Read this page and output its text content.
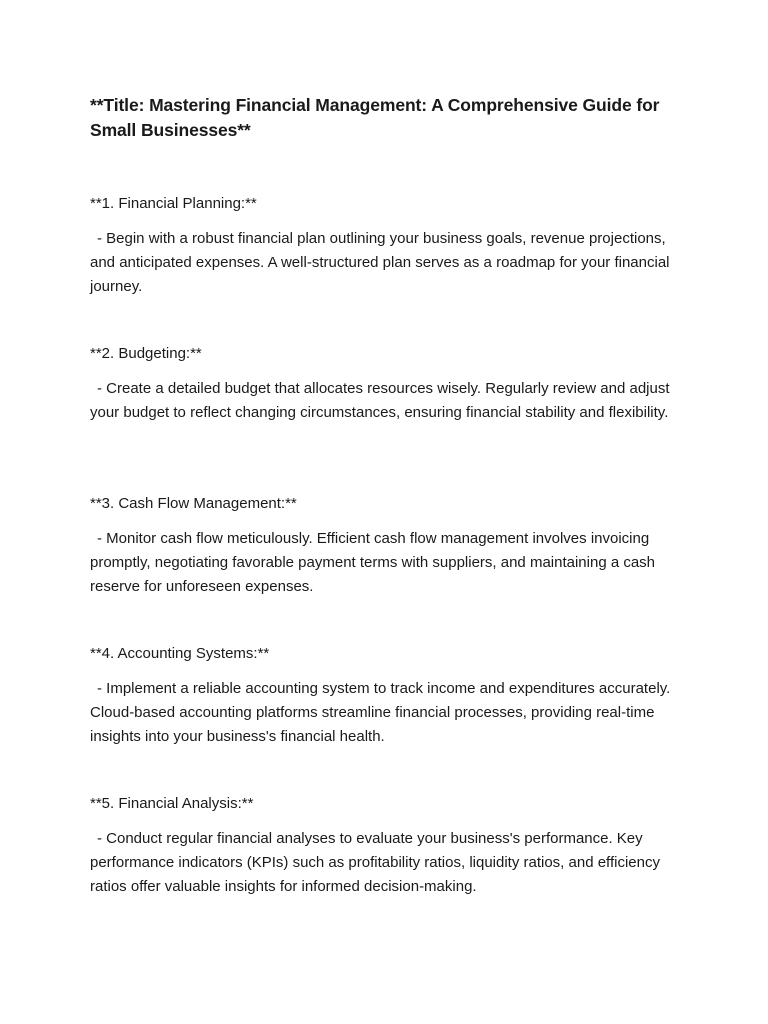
**Title: Mastering Financial Management: A Comprehensive Guide for Small Businesses**

**1. Financial Planning:**

- Begin with a robust financial plan outlining your business goals, revenue projections, and anticipated expenses. A well-structured plan serves as a roadmap for your financial journey.

**2. Budgeting:**

- Create a detailed budget that allocates resources wisely. Regularly review and adjust your budget to reflect changing circumstances, ensuring financial stability and flexibility.

**3. Cash Flow Management:**

- Monitor cash flow meticulously. Efficient cash flow management involves invoicing promptly, negotiating favorable payment terms with suppliers, and maintaining a cash reserve for unforeseen expenses.

**4. Accounting Systems:**

- Implement a reliable accounting system to track income and expenditures accurately. Cloud-based accounting platforms streamline financial processes, providing real-time insights into your business's financial health.

**5. Financial Analysis:**

- Conduct regular financial analyses to evaluate your business's performance. Key performance indicators (KPIs) such as profitability ratios, liquidity ratios, and efficiency ratios offer valuable insights for informed decision-making.
